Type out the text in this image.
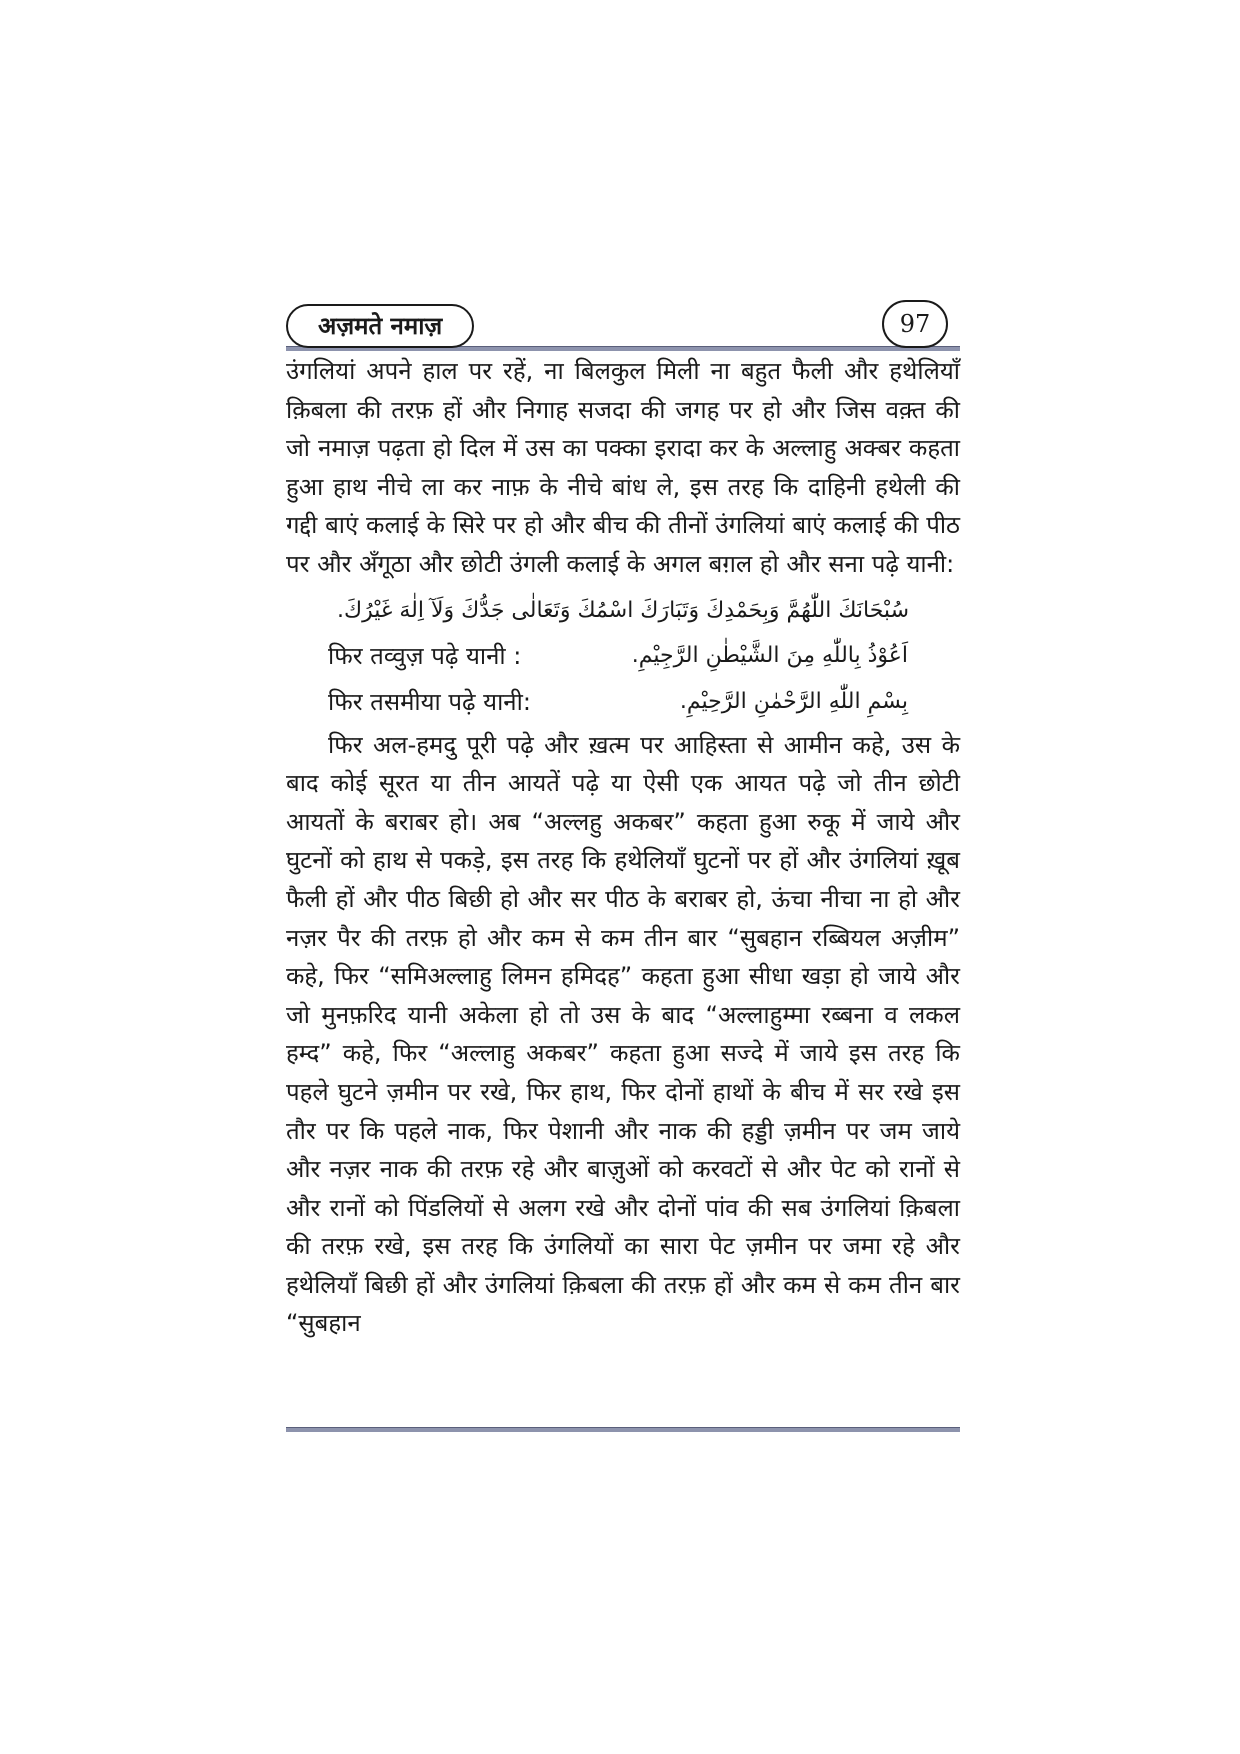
अज़मते नमाज़	97

उंगलियां अपने हाल पर रहें, ना बिलकुल मिली ना बहुत फैली और हथेलियाँ क़िबला की तरफ़ हों और निगाह सजदा की जगह पर हो और जिस वक़्त की जो नमाज़ पढ़ता हो दिल में उस का पक्का इरादा कर के अल्लाहु अक्बर कहता हुआ हाथ नीचे ला कर नाफ़ के नीचे बांध ले, इस तरह कि दाहिनी हथेली की गद्दी बाएं कलाई के सिरे पर हो और बीच की तीनों उंगलियां बाएं कलाई की पीठ पर और अँगूठा और छोटी उंगली कलाई के अगल बग़ल हो और सना पढ़े यानी:

سُبْحَانَكَ اللّٰهُمَّ وَبِحَمْدِكَ وَتَبَارَكَ اسْمُكَ وَتَعَالٰى جَدُّكَ وَلَآ اِلٰهَ غَيْرُكَ.
फिर तव्वुज़ पढ़े यानी :	اَعُوْذُ بِاللّٰهِ مِنَ الشَّيْطٰنِ الرَّجِيْمِ.
फिर तसमीया पढ़े यानी:	بِسْمِ اللّٰهِ الرَّحْمٰنِ الرَّحِيْمِ.

फिर अल-हमदु पूरी पढ़े और ख़त्म पर आहिस्ता से आमीन कहे, उस के बाद कोई सूरत या तीन आयतें पढ़े या ऐसी एक आयत पढ़े जो तीन छोटी आयतों के बराबर हो। अब “अल्लहु अकबर” कहता हुआ रुकू में जाये और घुटनों को हाथ से पकड़े, इस तरह कि हथेलियाँ घुटनों पर हों और उंगलियां ख़ूब फैली हों और पीठ बिछी हो और सर पीठ के बराबर हो, ऊंचा नीचा ना हो और नज़र पैर की तरफ़ हो और कम से कम तीन बार “सुबहान रब्बियल अज़ीम” कहे, फिर “समिअल्लाहु लिमन हमिदह” कहता हुआ सीधा खड़ा हो जाये और जो मुनफ़रिद यानी अकेला हो तो उस के बाद “अल्लाहुम्मा रब्बना व लकल हम्द” कहे, फिर “अल्लाहु अकबर” कहता हुआ सज्दे में जाये इस तरह कि पहले घुटने ज़मीन पर रखे, फिर हाथ, फिर दोनों हाथों के बीच में सर रखे इस तौर पर कि पहले नाक, फिर पेशानी और नाक की हड्डी ज़मीन पर जम जाये और नज़र नाक की तरफ़ रहे और बाज़ुओं को करवटों से और पेट को रानों से और रानों को पिंडलियों से अलग रखे और दोनों पांव की सब उंगलियां क़िबला की तरफ़ रखे, इस तरह कि उंगलियों का सारा पेट ज़मीन पर जमा रहे और हथेलियाँ बिछी हों और उंगलियां क़िबला की तरफ़ हों और कम से कम तीन बार “सुबहान
